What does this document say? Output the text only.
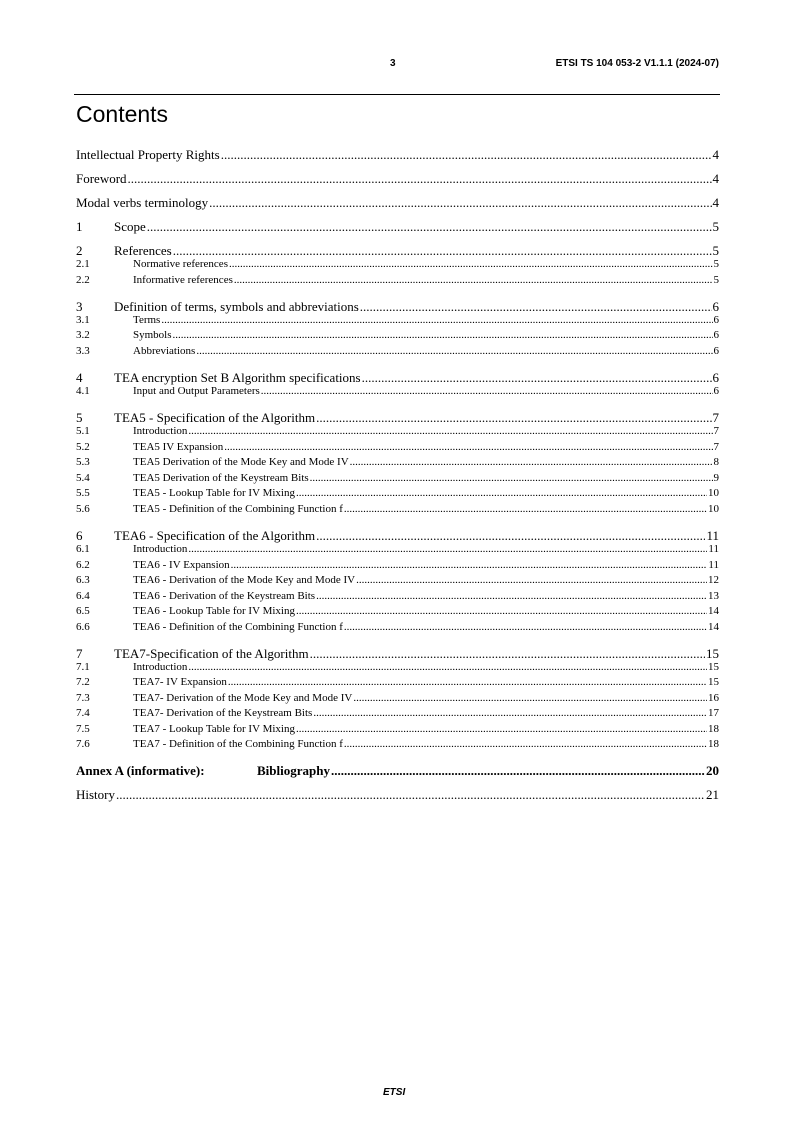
3	ETSI TS 104 053-2 V1.1.1 (2024-07)
Contents
Intellectual Property Rights .....	4
Foreword .....	4
Modal verbs terminology .....	4
1	Scope .....	5
2	References .....	5
2.1	Normative references .....	5
2.2	Informative references .....	5
3	Definition of terms, symbols and abbreviations .....	6
3.1	Terms .....	6
3.2	Symbols .....	6
3.3	Abbreviations .....	6
4	TEA encryption Set B Algorithm specifications .....	6
4.1	Input and Output Parameters .....	6
5	TEA5 - Specification of the Algorithm .....	7
5.1	Introduction .....	7
5.2	TEA5 IV Expansion .....	7
5.3	TEA5 Derivation of the Mode Key and Mode IV .....	8
5.4	TEA5 Derivation of the Keystream Bits .....	9
5.5	TEA5 - Lookup Table for IV Mixing .....	10
5.6	TEA5 - Definition of the Combining Function f .....	10
6	TEA6 - Specification of the Algorithm .....	11
6.1	Introduction .....	11
6.2	TEA6 - IV Expansion .....	11
6.3	TEA6 - Derivation of the Mode Key and Mode IV .....	12
6.4	TEA6 - Derivation of the Keystream Bits .....	13
6.5	TEA6 - Lookup Table for IV Mixing .....	14
6.6	TEA6 - Definition of the Combining Function f .....	14
7	TEA7-Specification of the Algorithm .....	15
7.1	Introduction .....	15
7.2	TEA7- IV Expansion .....	15
7.3	TEA7- Derivation of the Mode Key and Mode IV .....	16
7.4	TEA7- Derivation of the Keystream Bits .....	17
7.5	TEA7 - Lookup Table for IV Mixing .....	18
7.6	TEA7 - Definition of the Combining Function f .....	18
Annex A (informative):	Bibliography .....	20
History .....	21
ETSI
